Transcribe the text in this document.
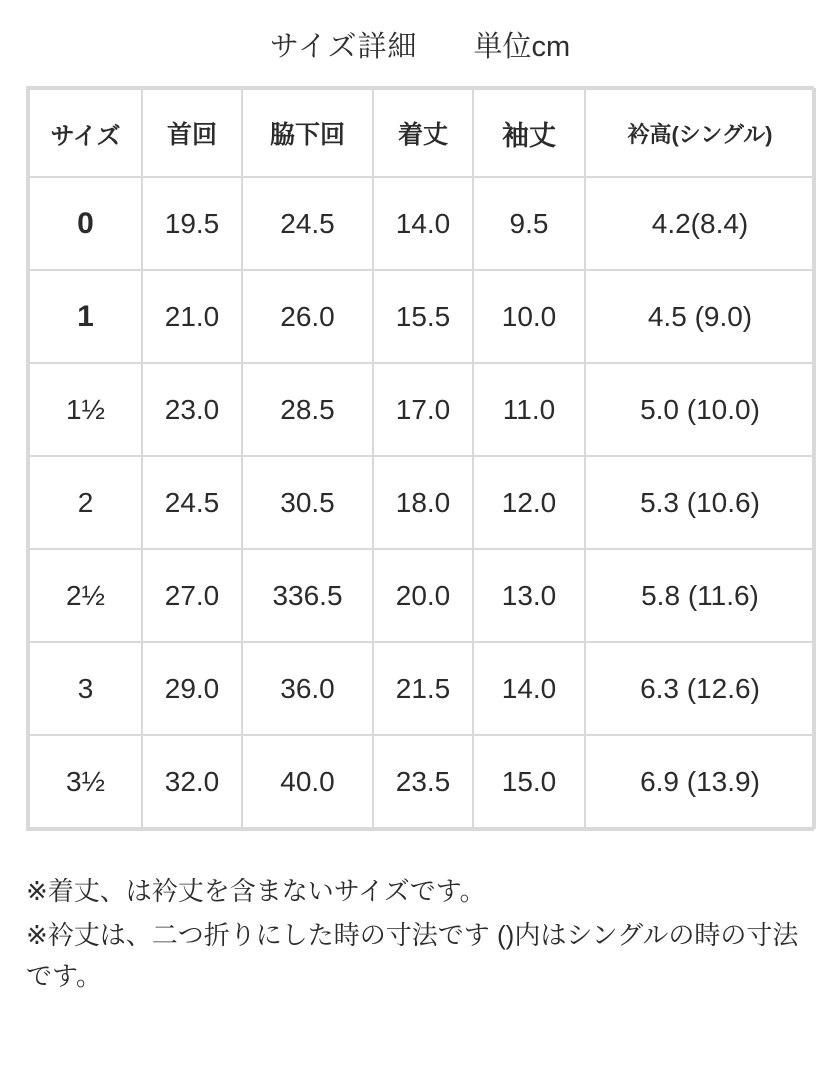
サイズ詳細 単位cm
サイズ	首回	脇下回	着丈	袖丈	衿高(シングル)
0	19.5	24.5	14.0	9.5	4.2(8.4)
1	21.0	26.0	15.5	10.0	4.5 (9.0)
1½	23.0	28.5	17.0	11.0	5.0 (10.0)
2	24.5	30.5	18.0	12.0	5.3 (10.6)
2½	27.0	336.5	20.0	13.0	5.8 (11.6)
3	29.0	36.0	21.5	14.0	6.3 (12.6)
3½	32.0	40.0	23.5	15.0	6.9 (13.9)

※着丈、は衿丈を含まないサイズです。

※衿丈は、二つ折りにした時の寸法です ()内はシングルの時の寸法です。
